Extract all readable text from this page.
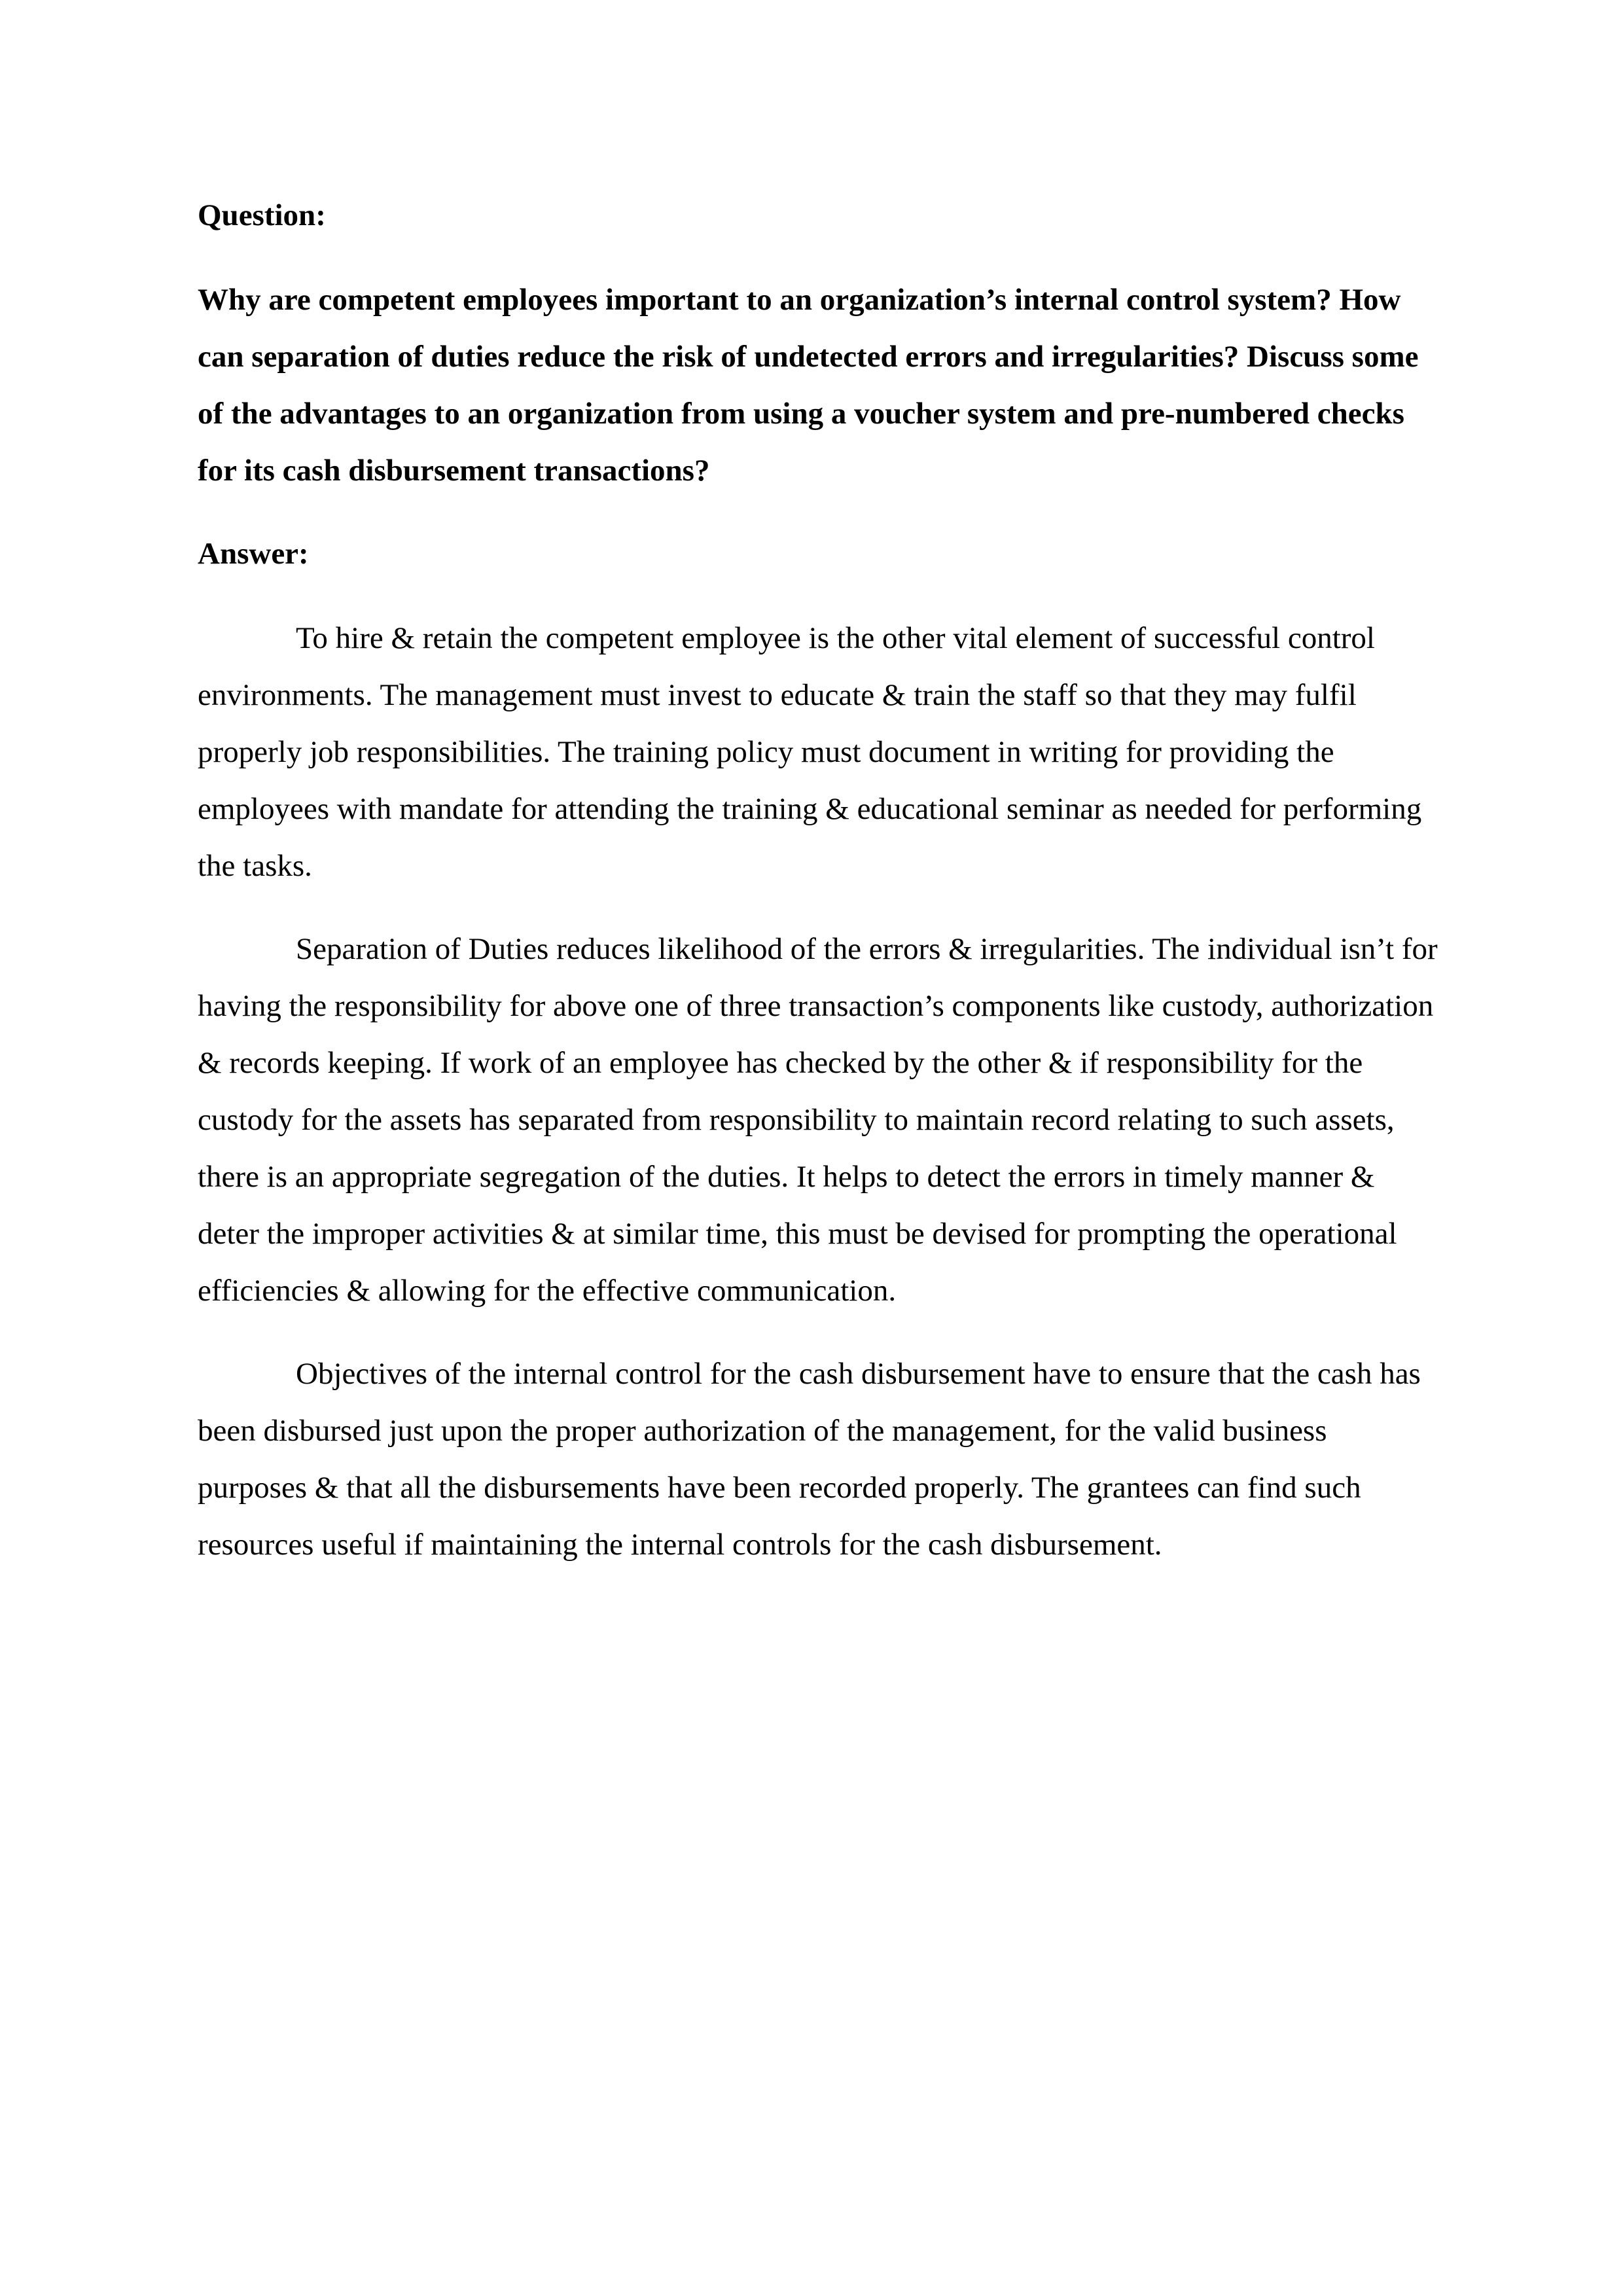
Question:

Why are competent employees important to an organization’s internal control system? How can separation of duties reduce the risk of undetected errors and irregularities? Discuss some of the advantages to an organization from using a voucher system and pre-numbered checks for its cash disbursement transactions?

Answer:

To hire & retain the competent employee is the other vital element of successful control environments. The management must invest to educate & train the staff so that they may fulfil properly job responsibilities. The training policy must document in writing for providing the employees with mandate for attending the training & educational seminar as needed for performing the tasks.

Separation of Duties reduces likelihood of the errors & irregularities. The individual isn’t for having the responsibility for above one of three transaction’s components like custody, authorization & records keeping. If work of an employee has checked by the other & if responsibility for the custody for the assets has separated from responsibility to maintain record relating to such assets, there is an appropriate segregation of the duties. It helps to detect the errors in timely manner & deter the improper activities & at similar time, this must be devised for prompting the operational efficiencies & allowing for the effective communication.

Objectives of the internal control for the cash disbursement have to ensure that the cash has been disbursed just upon the proper authorization of the management, for the valid business purposes & that all the disbursements have been recorded properly. The grantees can find such resources useful if maintaining the internal controls for the cash disbursement.
